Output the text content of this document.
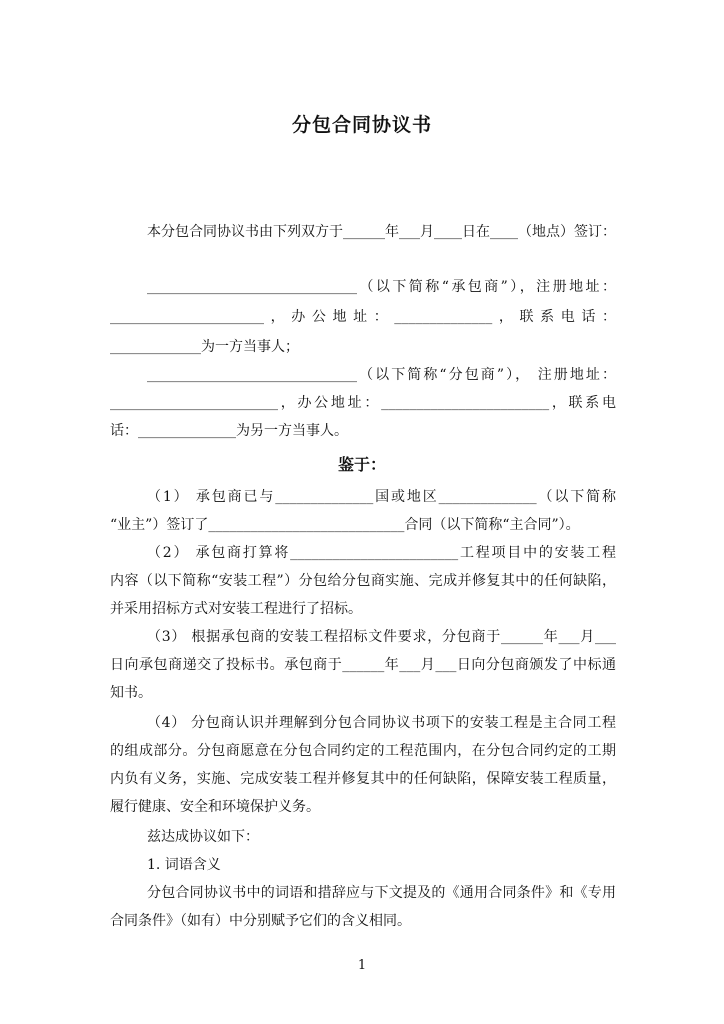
分包合同协议书
本分包合同协议书由下列双方于______年___月____日在____（地点）签订：
______________________________（以下简称“承包商”），注册地址：
______________________，办公地址：______________，联系电话：
_____________为一方当事人；
______________________________（以下简称“分包商”）， 注册地址：
________________________，办公地址：________________________，联系电
话：______________为另一方当事人。
鉴于：
（1） 承包商已与______________国或地区______________（以下简称
“业主”）签订了____________________________合同（以下简称“主合同”）。
（2） 承包商打算将________________________工程项目中的安装工程
内容（以下简称“安装工程”）分包给分包商实施、完成并修复其中的任何缺陷，
并采用招标方式对安装工程进行了招标。
（3） 根据承包商的安装工程招标文件要求，分包商于______年___月___
日向承包商递交了投标书。承包商于______年___月___日向分包商颁发了中标通
知书。
（4） 分包商认识并理解到分包合同协议书项下的安装工程是主合同工程
的组成部分。分包商愿意在分包合同约定的工程范围内，在分包合同约定的工期
内负有义务，实施、完成安装工程并修复其中的任何缺陷，保障安装工程质量，
履行健康、安全和环境保护义务。
兹达成协议如下：
1. 词语含义
分包合同协议书中的词语和措辞应与下文提及的《通用合同条件》和《专用
合同条件》（如有）中分别赋予它们的含义相同。
1
